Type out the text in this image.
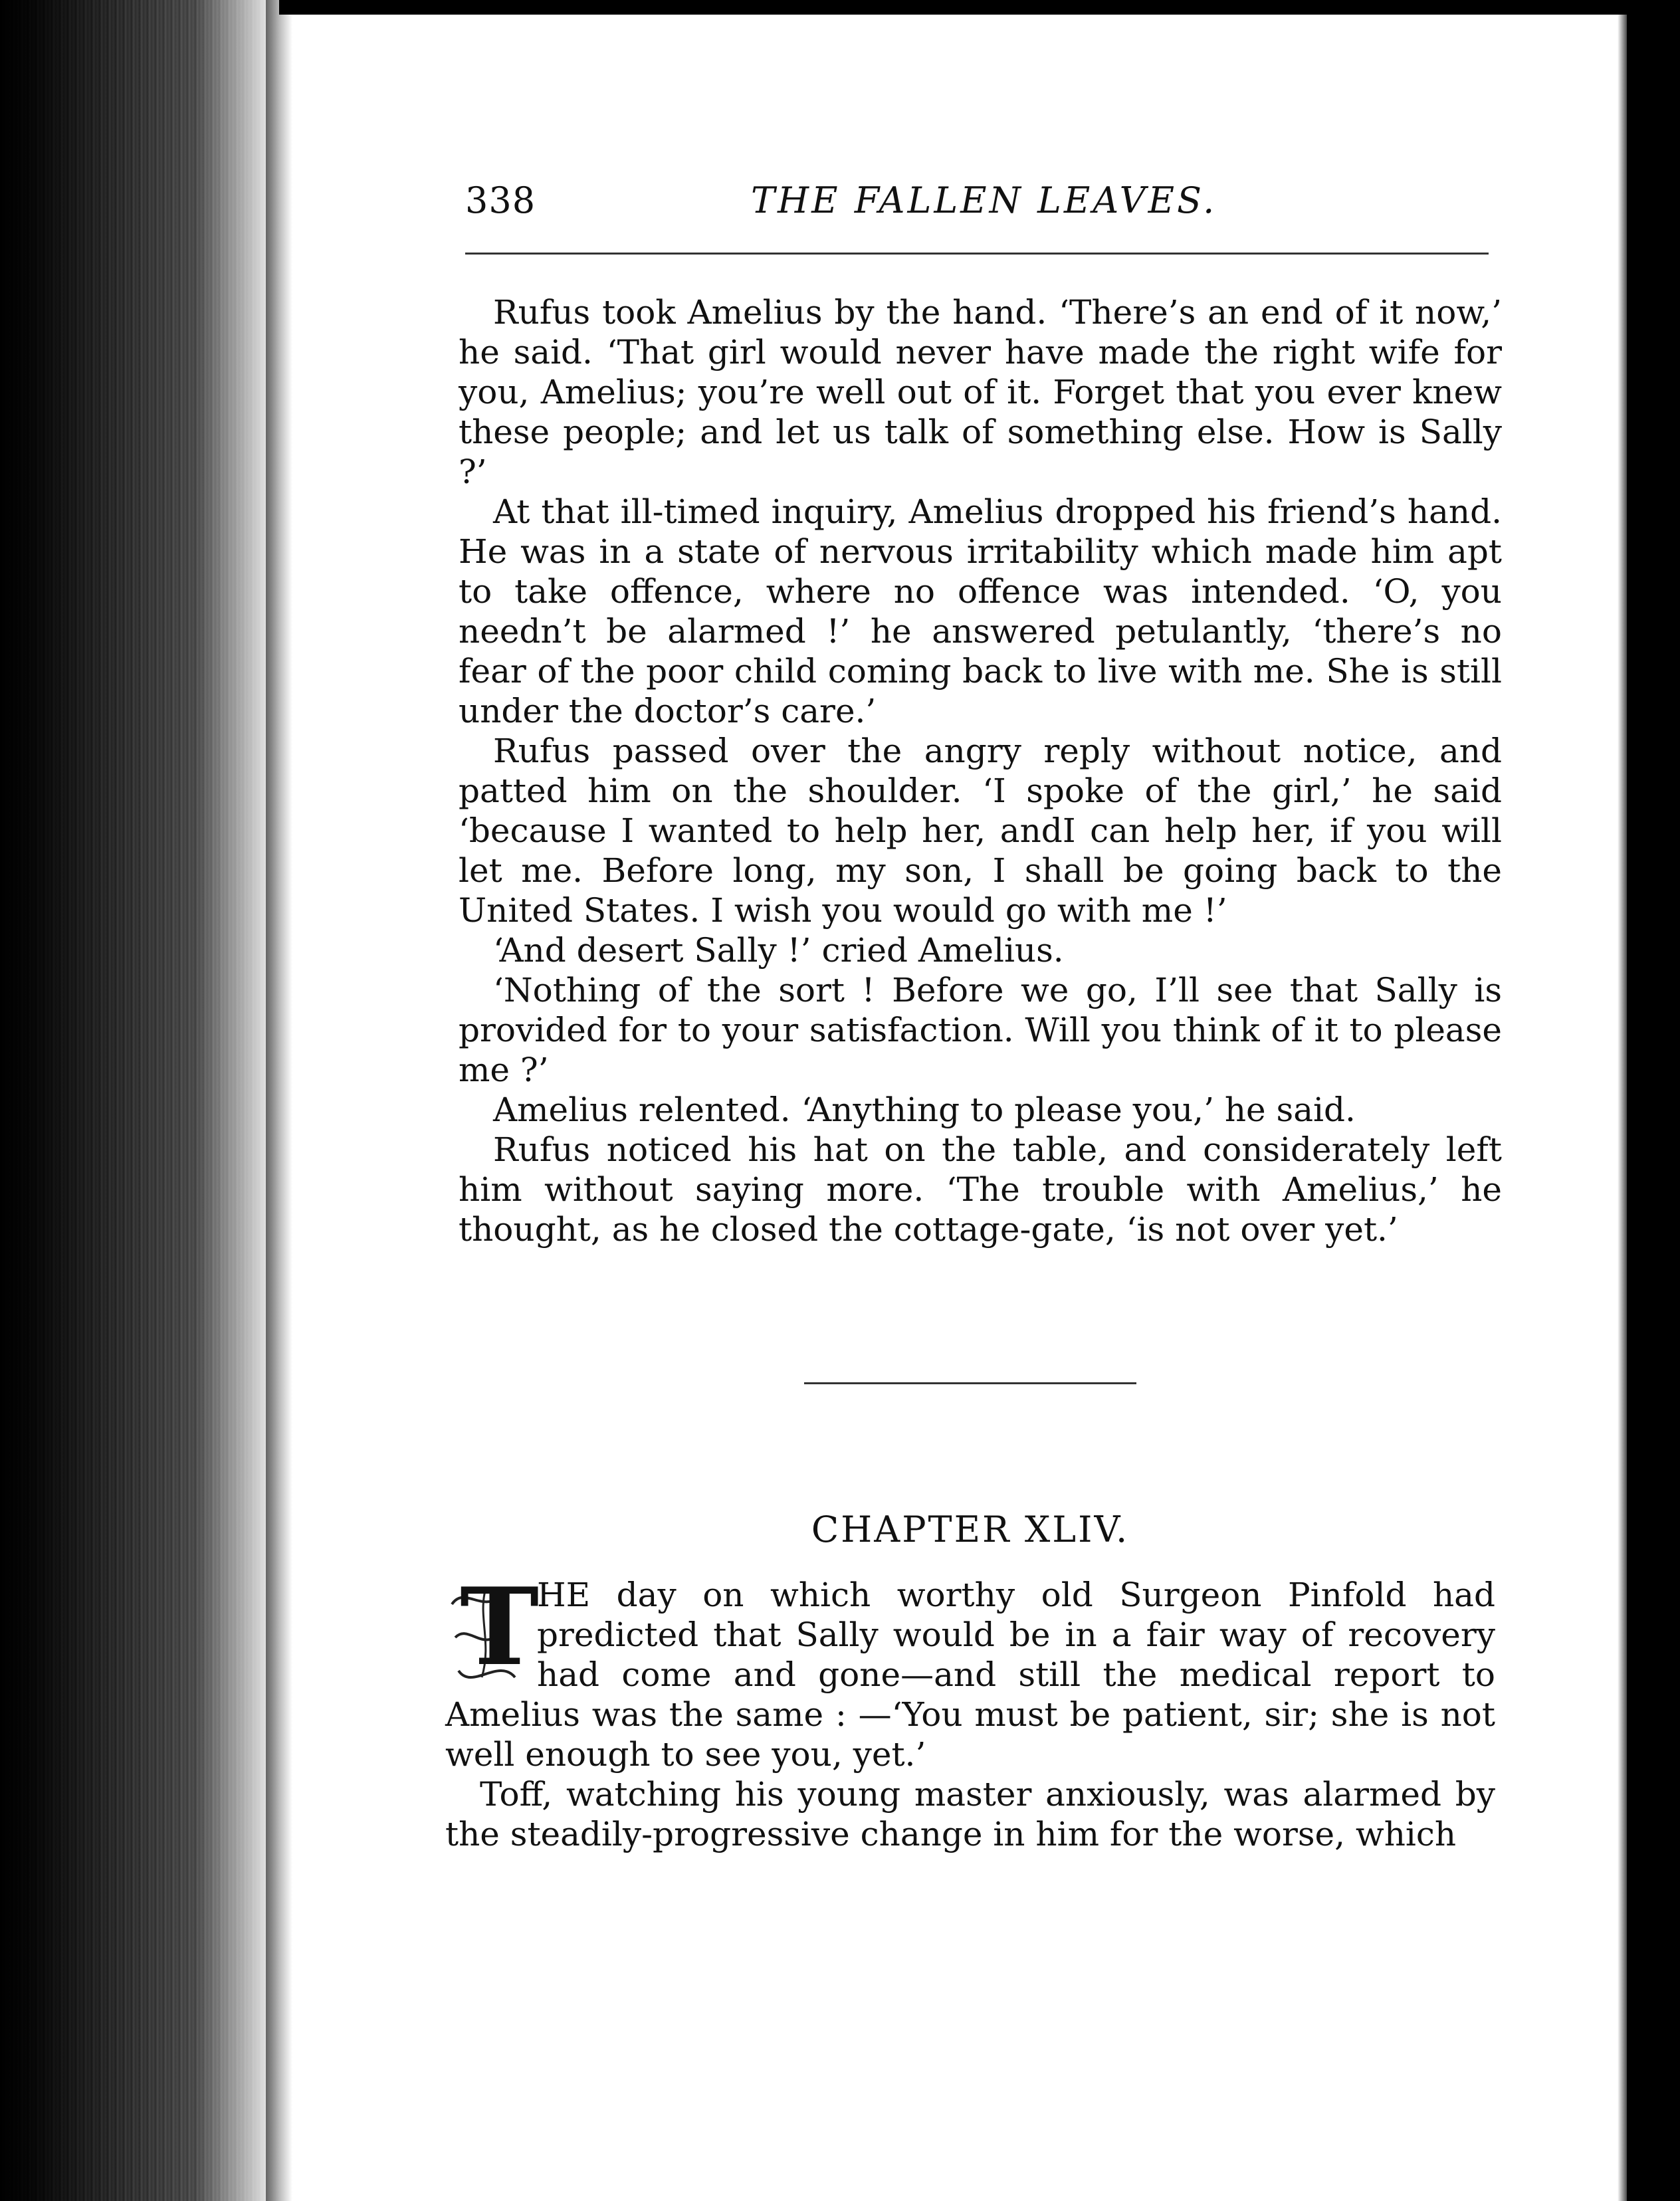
338	THE FALLEN LEAVES.

Rufus took Amelius by the hand. ‘There’s an end of it now,’ he said. ‘That girl would never have made the right wife for you, Amelius; you’re well out of it. Forget that you ever knew these people; and let us talk of something else. How is Sally ?’

At that ill-timed inquiry, Amelius dropped his friend’s hand. He was in a state of nervous irritability which made him apt to take offence, where no offence was intended. ‘O, you needn’t be alarmed !’ he answered petulantly, ‘there’s no fear of the poor child coming back to live with me. She is still under the doctor’s care.’

Rufus passed over the angry reply without notice, and patted him on the shoulder. ‘I spoke of the girl,’ he said ‘because I wanted to help her, andI can help her, if you will let me. Before long, my son, I shall be going back to the United States. I wish you would go with me !’

‘And desert Sally !’ cried Amelius.

‘Nothing of the sort ! Before we go, I’ll see that Sally is provided for to your satisfaction. Will you think of it to please me ?’

Amelius relented. ‘Anything to please you,’ he said.

Rufus noticed his hat on the table, and considerately left him without saying more. ‘The trouble with Amelius,’ he thought, as he closed the cottage-gate, ‘is not over yet.’

CHAPTER XLIV.

T
HE day on which worthy old Surgeon Pinfold had predicted that Sally would be in a fair way of recovery had come and gone—and still the medical report to Amelius was the same : —‘You must be patient, sir; she is not well enough to see you, yet.’

Toff, watching his young master anxiously, was alarmed by the steadily-progressive change in him for the worse, which
